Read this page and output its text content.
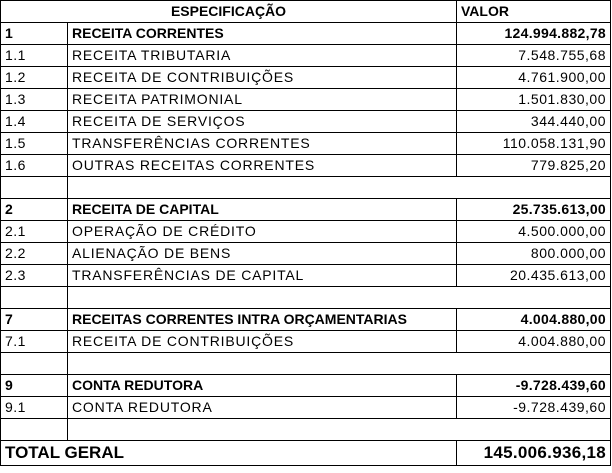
ESPECIFICAÇÃO		VALOR
1	RECEITA CORRENTES	124.994.882,78
1.1	RECEITA TRIBUTARIA	7.548.755,68
1.2	RECEITA DE CONTRIBUIÇÕES	4.761.900,00
1.3	RECEITA PATRIMONIAL	1.501.830,00
1.4	RECEITA DE SERVIÇOS	344.440,00
1.5	TRANSFERÊNCIAS CORRENTES	110.058.131,90
1.6	OUTRAS RECEITAS CORRENTES	779.825,20

2	RECEITA DE CAPITAL	25.735.613,00
2.1	OPERAÇÃO DE CRÉDITO	4.500.000,00
2.2	ALIENAÇÃO DE BENS	800.000,00
2.3	TRANSFERÊNCIAS DE CAPITAL	20.435.613,00

7	RECEITAS CORRENTES INTRA ORÇAMENTARIAS	4.004.880,00
7.1	RECEITA DE CONTRIBUIÇÕES	4.004.880,00

9	CONTA REDUTORA	-9.728.439,60
9.1	CONTA REDUTORA	-9.728.439,60

TOTAL GERAL		145.006.936,18
